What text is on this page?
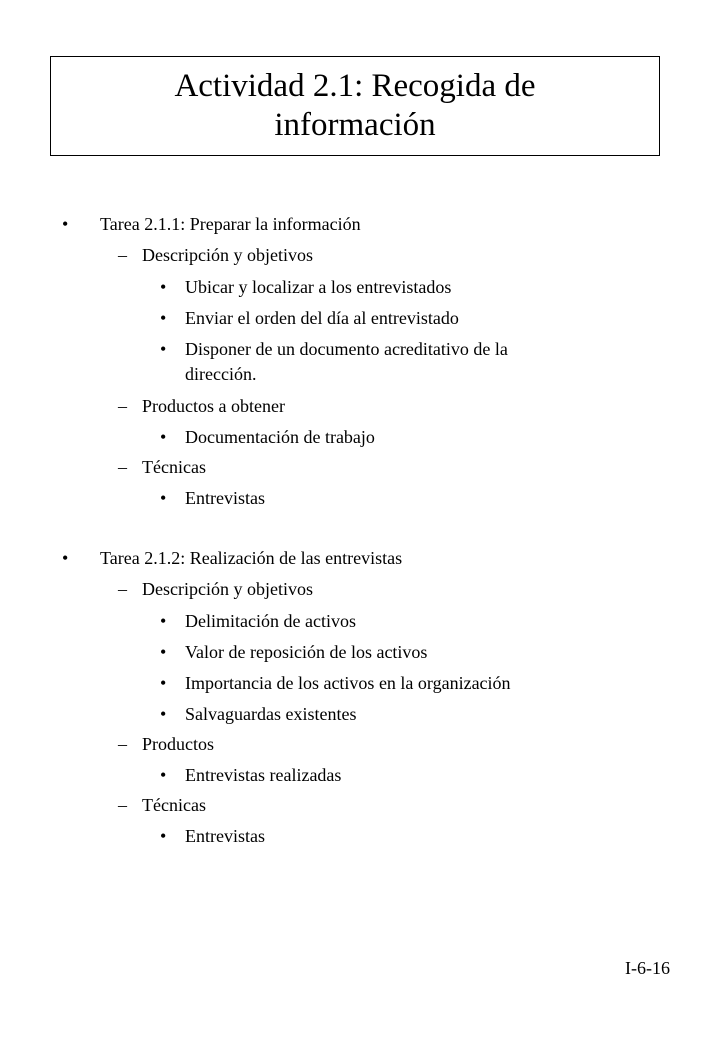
Actividad 2.1: Recogida de
información
• Tarea 2.1.1: Preparar la información
– Descripción y objetivos
• Ubicar y localizar a los entrevistados
• Enviar el orden del día al entrevistado
• Disponer de un documento acreditativo de la
dirección.
– Productos a obtener
• Documentación de trabajo
– Técnicas
• Entrevistas
• Tarea 2.1.2: Realización de las entrevistas
– Descripción y objetivos
• Delimitación de activos
• Valor de reposición de los activos
• Importancia de los activos en la organización
• Salvaguardas existentes
– Productos
• Entrevistas realizadas
– Técnicas
• Entrevistas
I-6-16
